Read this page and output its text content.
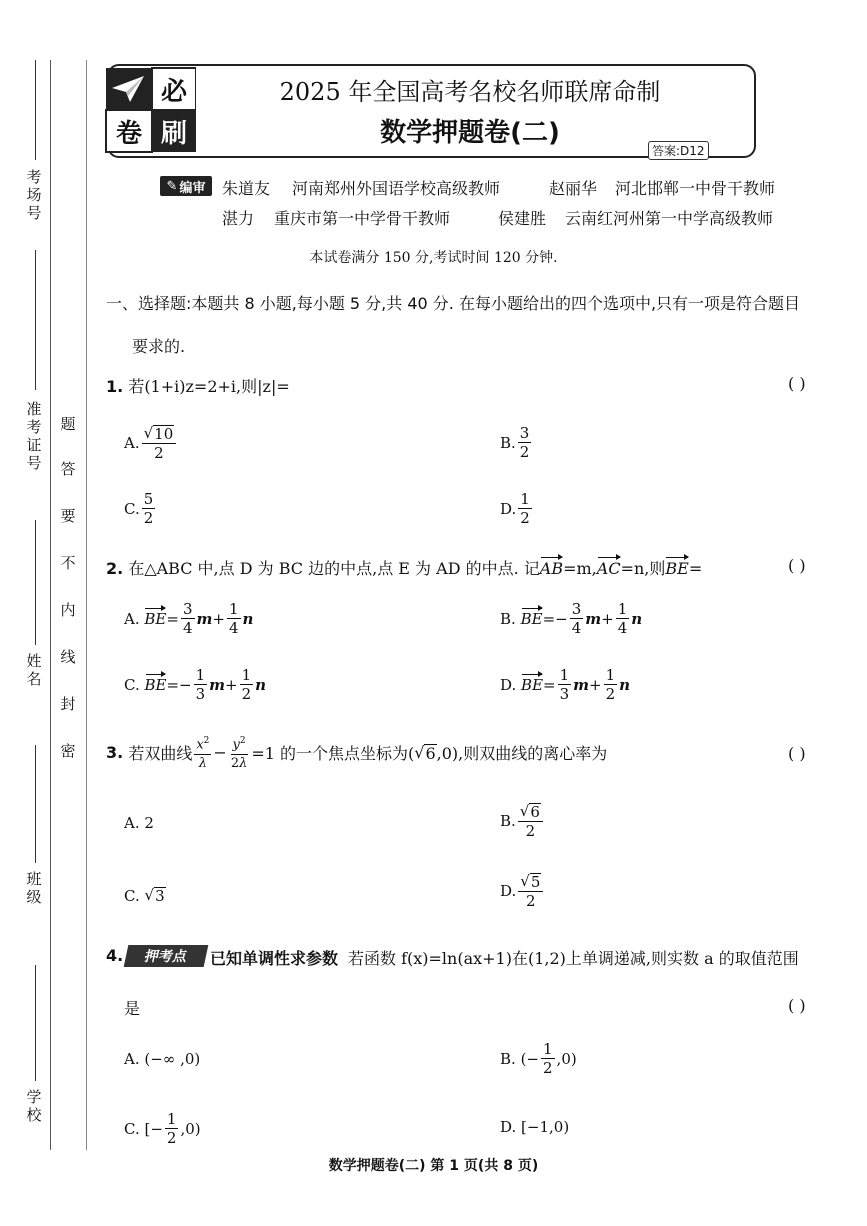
考场号
准考证号
姓名
班级
学校
题
答
要
不
内
线
封
密
必
卷 刷
2025 年全国高考名校名师联席命制
数学押题卷(二)
答案:D12
✎ 编审 朱道友 河南郑州外国语学校高级教师	赵丽华 河北邯郸一中骨干教师
湛力 重庆市第一中学骨干教师	侯建胜 云南红河州第一中学高级教师
本试卷满分 150 分,考试时间 120 分钟.
一、选择题:本题共 8 小题,每小题 5 分,共 40 分. 在每小题给出的四个选项中,只有一项是符合题目
要求的.
1. 若(1+i)z=2+i,则|z|=	( )
A. $\frac{√ 10}{2}$	B. $\frac{3}{2}$
C. $\frac{5}{2}$	D. $\frac{1}{2}$
2. 在△ABC 中,点 D 为 BC 边的中点,点 E 为 AD 的中点. 记AB=m,AC=n,则BE=	( )
A.
BE = $\frac{3}{4}$ $m + \frac{1}{4}$ n	B.
BE =− $\frac{3}{4}$ $m + \frac{1}{4}$ n
C.
BE =− $\frac{1}{3}$ $m + \frac{1}{2}$ n	D.
BE = $\frac{1}{3}$ $m + \frac{1}{2}$ n
3.
若双曲线 $\frac{x^2}{\lambda} - \frac{y^2}{2\lambda} =1$ 的一个焦点坐标为( √ 6 ,0),则双曲线的离心率为	( )
A.
2	B. $\frac{√ 6}{2}$
C.
√ 3	D. $\frac{√ 5}{2}$
4. 押考点 已知单调性求参数 若函数 f(x)=ln(ax+1)在(1,2)上单调递减,则实数 a 的取值范围
是	( )
A.
(−∞ ,0)	B.
(− $\frac{1}{2} ,0$)
C.
[− $\frac{1}{2} ,0$)	D.
[−1,0)
数学押题卷(二) 第 1 页(共 8 页)
